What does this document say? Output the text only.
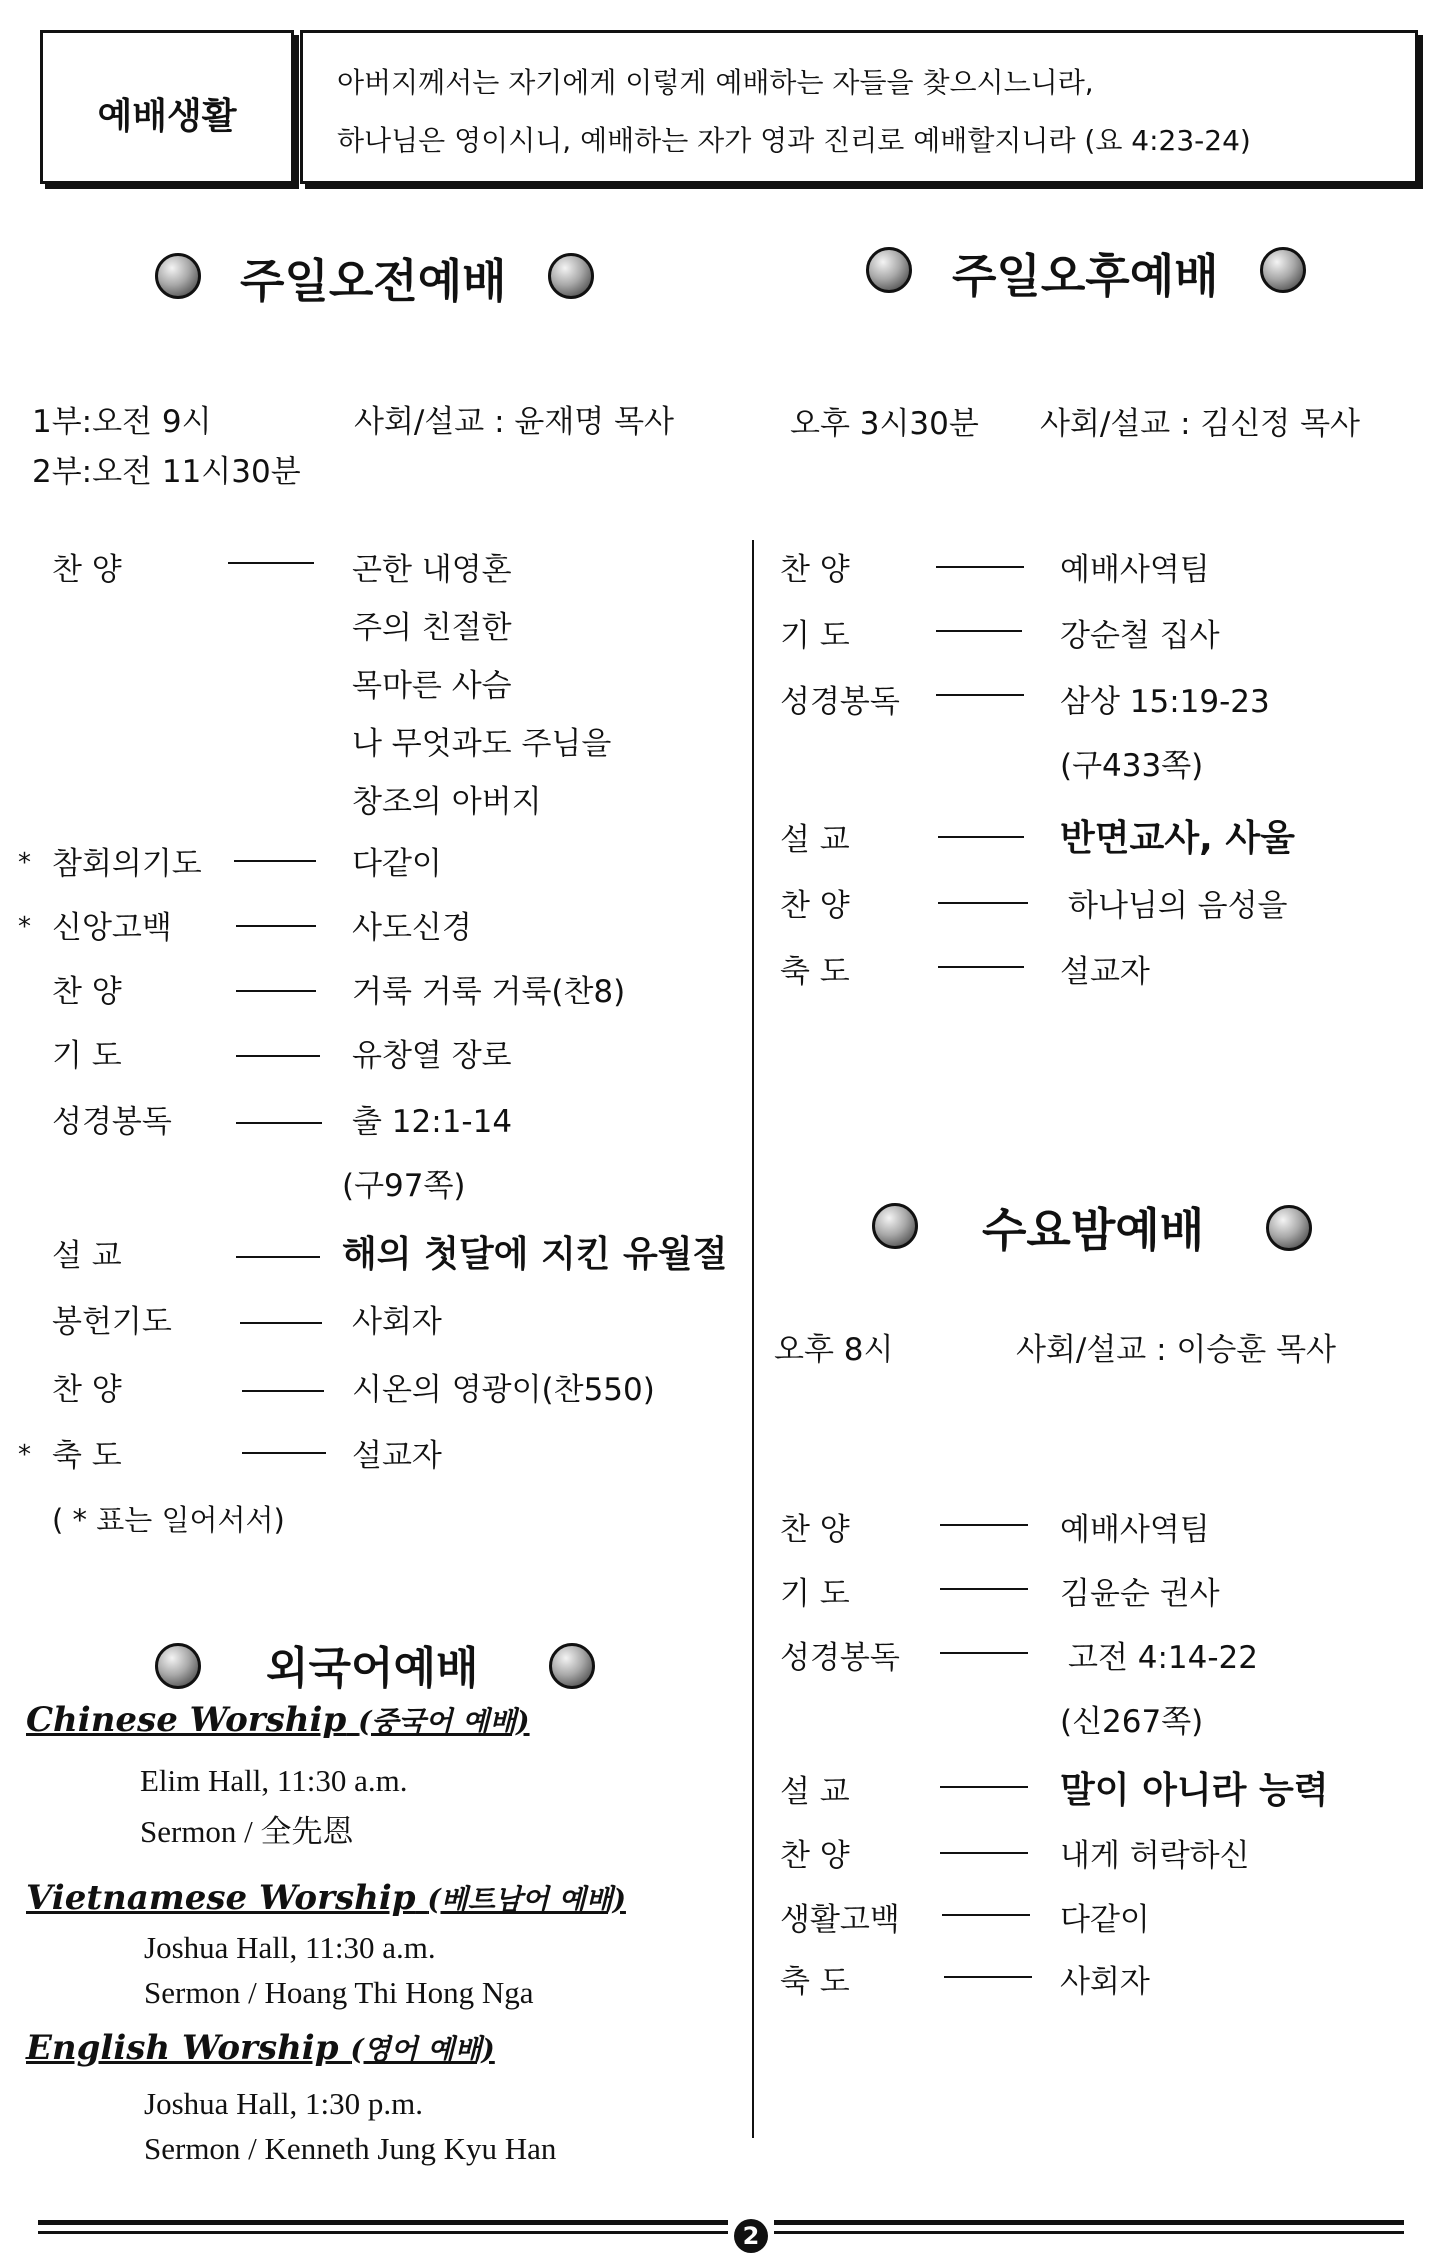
예배생활
아버지께서는 자기에게 이렇게 예배하는 자들을 찾으시느니라,
하나님은 영이시니, 예배하는 자가 영과 진리로 예배할지니라 (요 4:23-24)
주일오전예배	주일오후예배
1부:오전 9시
2부:오전 11시30분
사회/설교 : 윤재명 목사	오후 3시30분 사회/설교 : 김신정 목사
찬 양	곤한 내영혼
주의 친절한
목마른 사슴
나 무엇과도 주님을
창조의 아버지
* 참회의기도	다같이
* 신앙고백	사도신경
찬 양	거룩 거룩 거룩(찬8)
기 도	유창열 장로
성경봉독	출 12:1-14
(구97쪽)
설 교	해의 첫달에 지킨 유월절
봉헌기도	사회자
찬 양	시온의 영광이(찬550)
* 축 도	설교자
( * 표는 일어서서)
찬 양	예배사역팀
기 도	강순철 집사
성경봉독	삼상 15:19-23
(구433쪽)
설 교	반면교사, 사울
찬 양	하나님의 음성을
축 도	설교자
수요밤예배
오후 8시	사회/설교 : 이승훈 목사
찬 양	예배사역팀
기 도	김윤순 권사
성경봉독	고전 4:14-22
(신267쪽)
설 교	말이 아니라 능력
찬 양	내게 허락하신
생활고백	다같이
축 도	사회자
외국어예배
Chinese Worship (중국어 예배)
Elim Hall, 11:30 a.m.
Sermon / 全先恩
Vietnamese Worship (베트남어 예배)
Joshua Hall, 11:30 a.m.
Sermon / Hoang Thi Hong Nga
English Worship (영어 예배)
Joshua Hall, 1:30 p.m.
Sermon / Kenneth Jung Kyu Han
2
